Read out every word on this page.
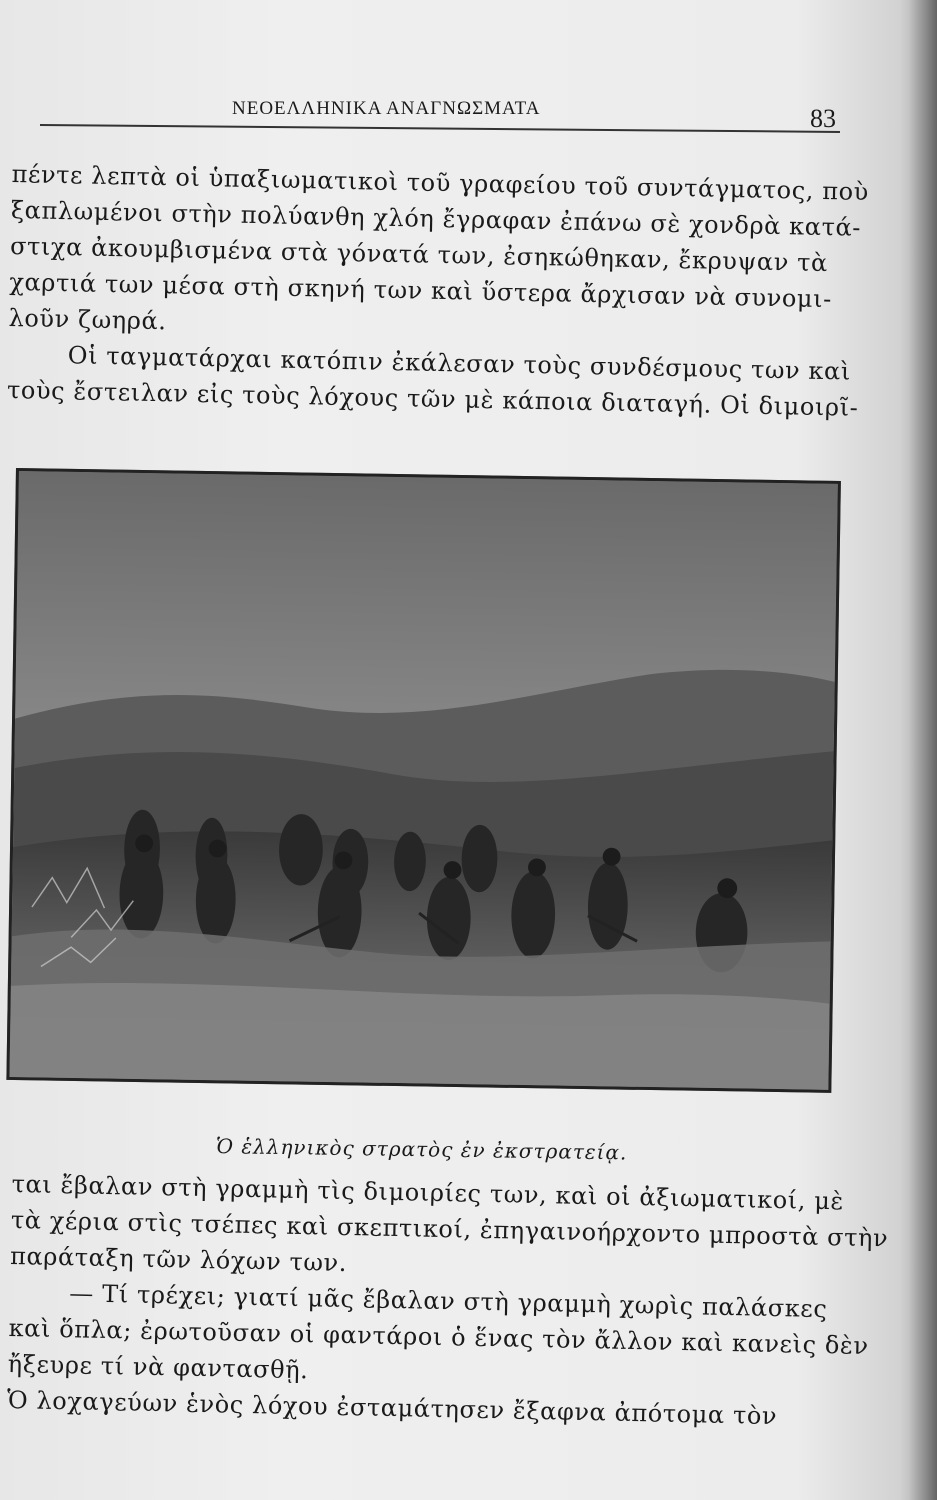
ΝΕΟΕΛΛΗΝΙΚΑ ΑΝΑΓΝΩΣΜΑΤΑ	83

πέντε λεπτὰ οἱ ὑπαξιωματικοὶ τοῦ γραφείου τοῦ συντάγματος, ποὺ

ξαπλωμένοι στὴν πολύανθη χλόη ἔγραφαν ἐπάνω σὲ χονδρὰ κατά-

στιχα ἀκουμβισμένα στὰ γόνατά των, ἐσηκώθηκαν, ἔκρυψαν τὰ

χαρτιά των μέσα στὴ σκηνή των καὶ ὕστερα ἄρχισαν νὰ συνομι-

λοῦν ζωηρά.

Οἱ ταγματάρχαι κατόπιν ἐκάλεσαν τοὺς συνδέσμους των καὶ

τοὺς ἔστειλαν εἰς τοὺς λόχους τῶν μὲ κάποια διαταγή. Οἱ διμοιρῖ-

Ὁ ἑλληνικὸς στρατὸς ἐν ἐκστρατείᾳ.

ται ἔβαλαν στὴ γραμμὴ τὶς διμοιρίες των, καὶ οἱ ἀξιωματικοί, μὲ

τὰ χέρια στὶς τσέπες καὶ σκεπτικοί, ἐπηγαινοήρχοντο μπροστὰ στὴν

παράταξη τῶν λόχων των.

— Τί τρέχει; γιατί μᾶς ἔβαλαν στὴ γραμμὴ χωρὶς παλάσκες

καὶ ὅπλα; ἐρωτοῦσαν οἱ φαντάροι ὁ ἕνας τὸν ἄλλον καὶ κανεὶς δὲν

ἤξευρε τί νὰ φαντασθῇ.

Ὁ λοχαγεύων ἑνὸς λόχου ἐσταμάτησεν ἔξαφνα ἀπότομα τὸν
